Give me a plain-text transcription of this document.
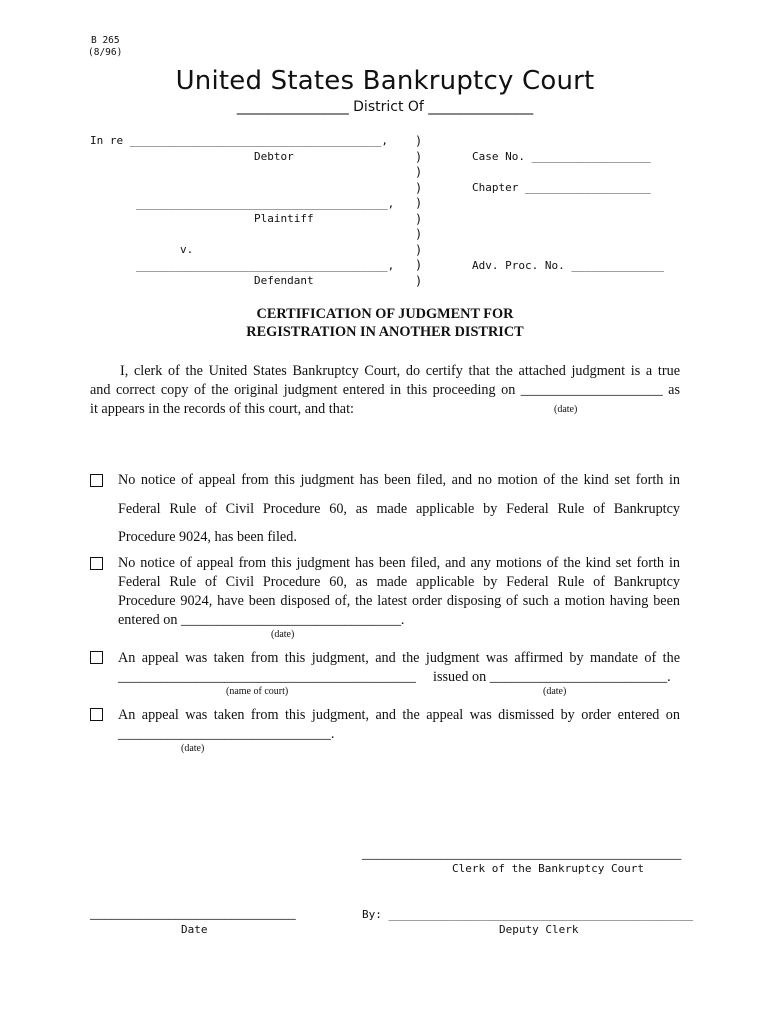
B 265
(8/96)
United States Bankruptcy Court
________________ District Of _______________
In re ______________________________________,
Debtor
______________________________________,
Plaintiff
v.
______________________________________,
Defendant
)
)
)
)
)
)
)
)
)
)
Case No. __________________
Chapter ___________________
Adv. Proc. No. ______________
CERTIFICATION OF JUDGMENT FOR
REGISTRATION IN ANOTHER DISTRICT
I, clerk of the United States Bankruptcy Court, do certify that the attached judgment is a true
and correct copy of the original judgment entered in this proceeding on ____________________ as
it appears in the records of this court, and that:	(date)
No notice of appeal from this judgment has been filed, and no motion of the kind set forth in
Federal Rule of Civil Procedure 60, as made applicable by Federal Rule of Bankruptcy
Procedure 9024, has been filed.
No notice of appeal from this judgment has been filed, and any motions of the kind set forth in
Federal Rule of Civil Procedure 60, as made applicable by Federal Rule of Bankruptcy
Procedure 9024, have been disposed of, the latest order disposing of such a motion having been
entered on _______________________________.
(date)
An appeal was taken from this judgment, and the judgment was affirmed by mandate of the
__________________________________________ issued on _________________________.
(name of court)	(date)
An appeal was taken from this judgment, and the appeal was dismissed by order entered on
______________________________.
(date)
_____________________________________________
Clerk of the Bankruptcy Court
_____________________________
Date
By: ______________________________________________
Deputy Clerk
